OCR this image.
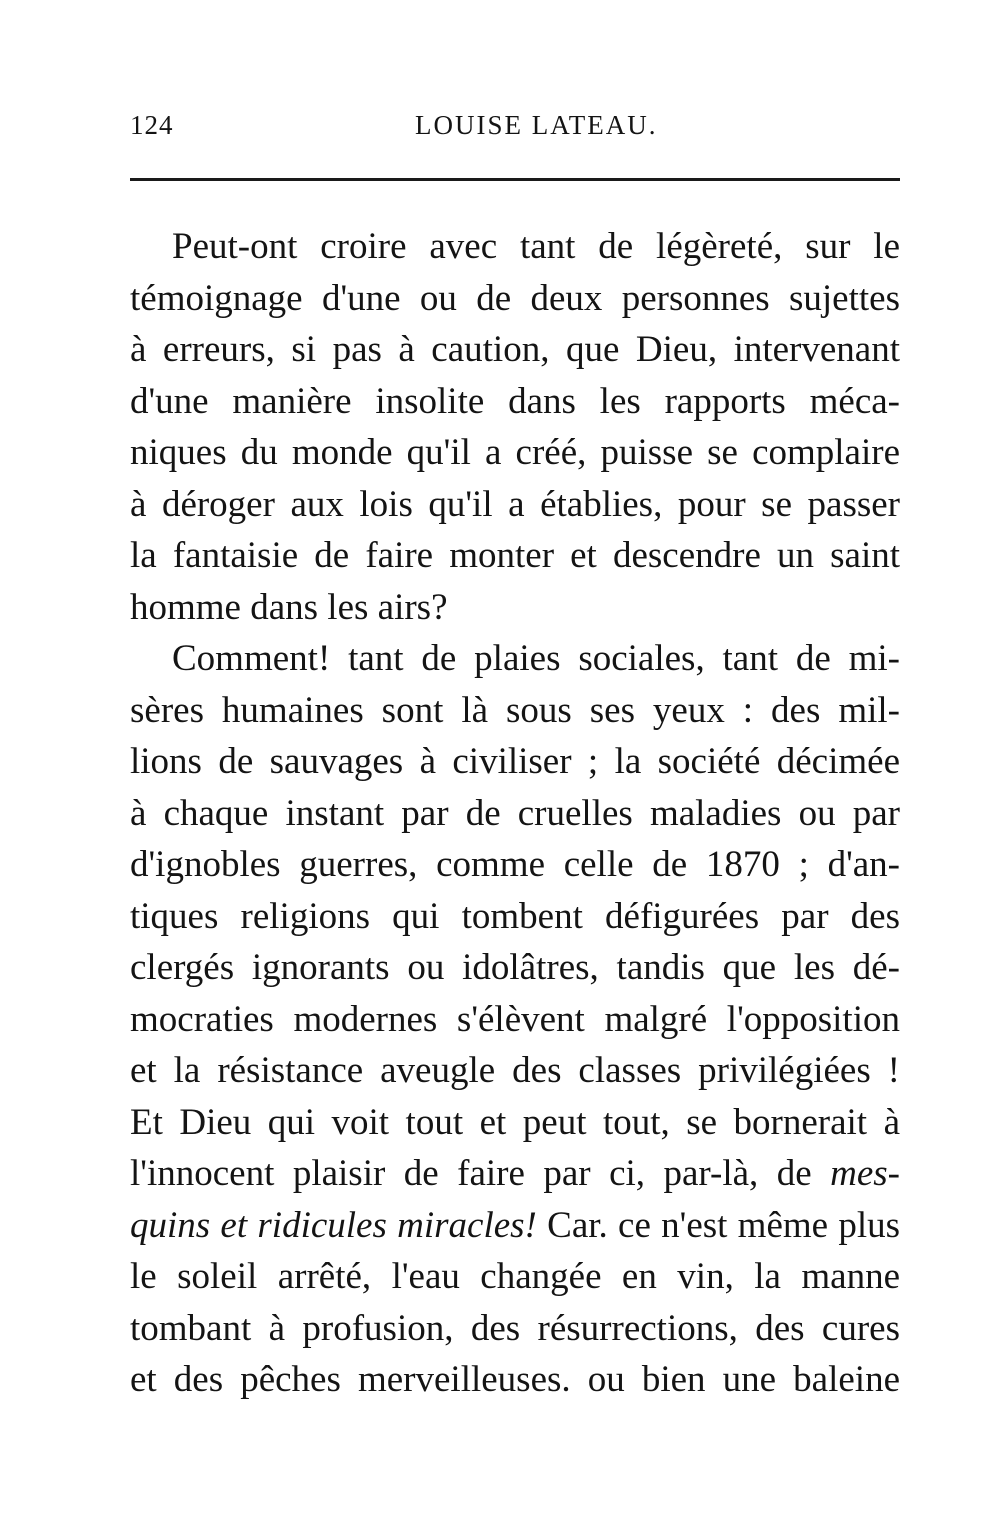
124	LOUISE LATEAU.
Peut-ont croire avec tant de légèreté, sur le
témoignage d'une ou de deux personnes sujettes
à erreurs, si pas à caution, que Dieu, intervenant
d'une manière insolite dans les rapports méca-
niques du monde qu'il a créé, puisse se complaire
à déroger aux lois qu'il a établies, pour se passer
la fantaisie de faire monter et descendre un saint
homme dans les airs?
Comment! tant de plaies sociales, tant de mi-
sères humaines sont là sous ses yeux : des mil-
lions de sauvages à civiliser ; la société décimée
à chaque instant par de cruelles maladies ou par
d'ignobles guerres, comme celle de 1870 ; d'an-
tiques religions qui tombent défigurées par des
clergés ignorants ou idolâtres, tandis que les dé-
mocraties modernes s'élèvent malgré l'opposition
et la résistance aveugle des classes privilégiées !
Et Dieu qui voit tout et peut tout, se bornerait à
l'innocent plaisir de faire par ci, par-là, de mes-
quins et ridicules miracles! Car. ce n'est même plus
le soleil arrêté, l'eau changée en vin, la manne
tombant à profusion, des résurrections, des cures
et des pêches merveilleuses. ou bien une baleine
